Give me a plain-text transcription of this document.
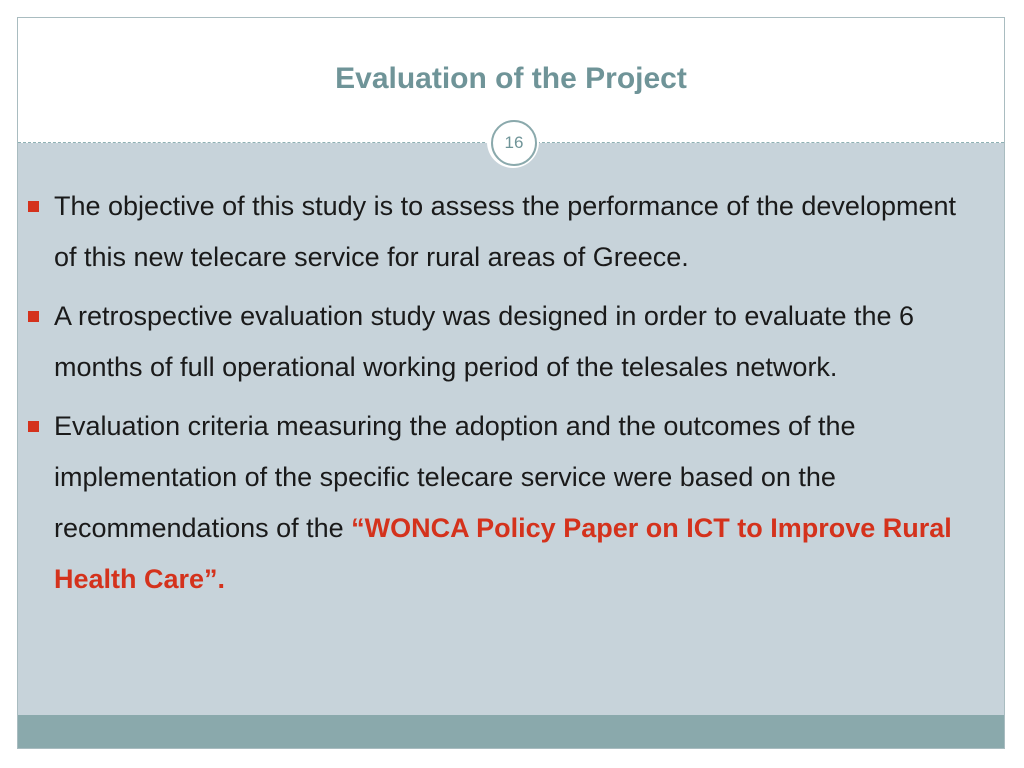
Evaluation of the Project
The objective of this study is to assess the performance of the development of this new telecare service for rural areas of Greece.
A retrospective evaluation study was designed in order to evaluate the 6 months of full operational working period of the telesales network.
Evaluation criteria measuring the adoption and the outcomes of the implementation of the specific telecare service were based on the recommendations of the “WONCA Policy Paper on ICT to Improve Rural Health Care”.
16
